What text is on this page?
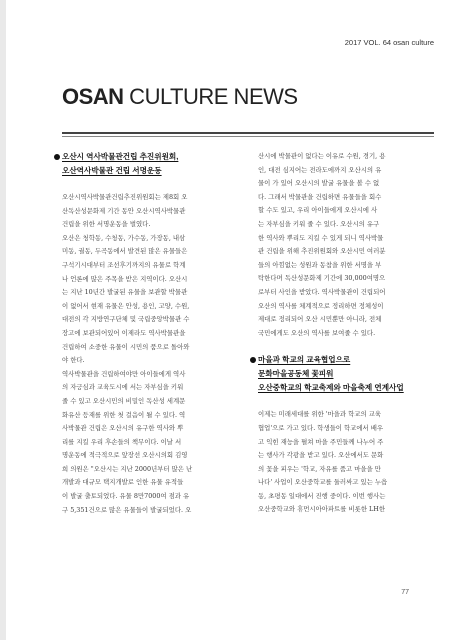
2017 VOL. 64 osan culture
OSAN CULTURE NEWS
오산시 역사박물관건립 추진위원회,
오산역사박물관 건립 서명운동
오산시역사박물관건립추진위원회는 제8회 오
산독산성문화제 기간 동안 오산시역사박물관
건립을 위한 서명운동을 벌였다.
오산은 청학동, 수청동, 가수동, 가장동, 내삼
미동, 궐동, 두곡동에서 발견된 많은 유물들은
구석기시대부터 조선후기까지의 유물로 학계
나 언론에 많은 주목을 받은 지역이다. 오산시
는 지난 10년간 발굴된 유물을 보관할 박물관
이 없어서 현재 유물은 안성, 용인, 고양, 수원,
대전의 각 지방연구단체 및 국립중앙박물관 수
장고에 보관되어있어 이제라도 역사박물관을
건립하여 소중한 유물이 시민의 품으로 돌아와
야 한다.
역사박물관을 건립하여야만 아이들에게 역사
의 자긍심과 교육도시에 서는 자부심을 키워
줄 수 있고 오산시민의 비밀인 독산성 세계문
화유산 등재를 위한 첫 걸음이 될 수 있다. 역
사박물관 건립은 오산시의 유구한 역사와 뿌
리를 지킬 우리 후손들의 책무이다. 이날 서
명운동에 적극적으로 앞장선 오산시의회 김영
희 의원은 "오산시는 지난 2000년부터 많은 난
개발과 대규모 택지개발로 인한 유물 유적들
이 발굴 출토되었다. 유물 8만7000여 점과 유
구 5,351건으로 많은 유물들이 발굴되었다. 오
산시에 박물관이 없다는 이유로 수원, 경기, 용
인, 대전 심지어는 전라도에까지 오산시의 유
물이 가 있어 오산시의 발굴 유물을 볼 수 없
다. 그래서 박물관을 건립하면 유물들을 회수
할 수도 있고, 우리 아이들에게 오산시에 사
는 자부심을 키워 줄 수 있다. 오산시의 유구
한 역사와 뿌리도 지킬 수 있게 되니 역사박물
관 건립을 위해 추진위원회와 오산시민 여러분
들의 아낌없는 성원과 동참을 위한 서명을 부
탁한다며 독산성문화제 기간에 30,000여명으
로부터 사인을 받았다. 역사박물관이 건립되어
오산의 역사를 체계적으로 정리하면 정체성이
제대로 정리되어 오산 시민뿐만 아니라, 전체
국민에게도 오산의 역사를 보여줄 수 있다.
마을과 학교의 교육협업으로
문화마을공동체 꽃피워
오산중학교의 학교축제와 마을축제 연계사업
이제는 미래세대를 위한 '마을과 학교의 교육
협업'으로 가고 있다. 학생들이 학교에서 배우
고 익힌 재능을 펼쳐 마을 주민들께 나누어 주
는 행사가 각광을 받고 있다. 오산에서도 문화
의 꽃을 피우는 '학교, 자유를 품고 마을을 만
나다' 사업이 오산중학교를 둘러싸고 있는 누읍
동, 초평동 일대에서 진행 중이다. 이번 행사는
오산중학교와 휴먼시아아파트를 비롯한 LH한
77
